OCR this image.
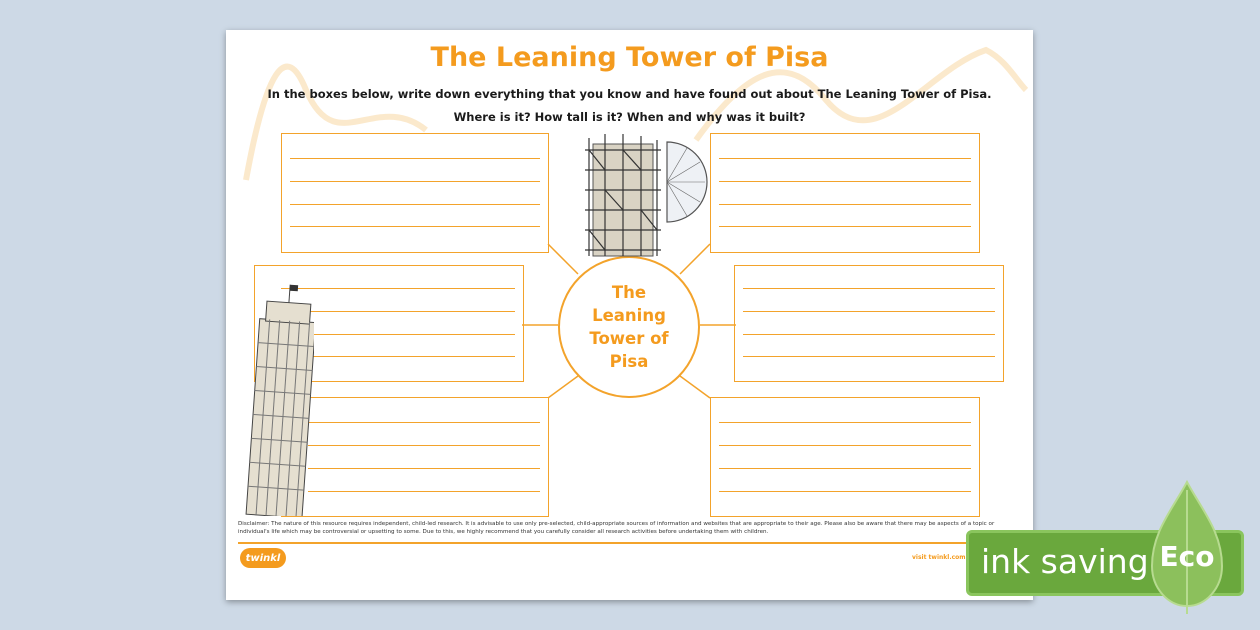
The Leaning Tower of Pisa

In the boxes below, write down everything that you know and have found out about The Leaning Tower of Pisa.

Where is it? How tall is it? When and why was it built?

The
Leaning
Tower of
Pisa

Disclaimer: The nature of this resource requires independent, child-led research. It is advisable to use only pre-selected, child-appropriate sources of information and websites that are appropriate to their age. Please also be aware that there may be aspects of a topic or individual's life which may be controversial or upsetting to some. Due to this, we highly recommend that you carefully consider all research activities before undertaking them with children.

twinkl	visit twinkl.com ink saving Eco
